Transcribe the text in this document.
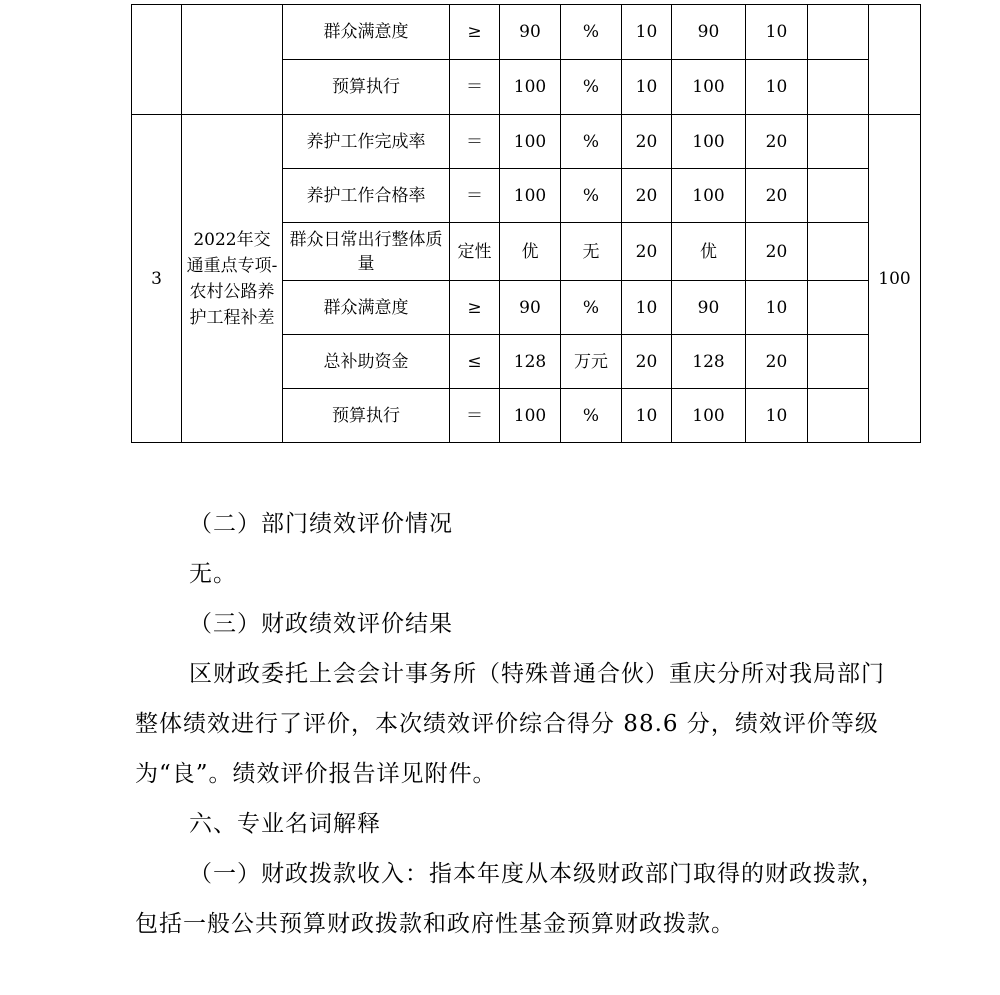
		群众满意度	≥	90	%	10	90	10		
		预算执行	＝	100	%	10	100	10		
3	2022年交通重点专项-农村公路养护工程补差	养护工作完成率	＝	100	%	20	100	20		100
		养护工作合格率	＝	100	%	20	100	20		
		群众日常出行整体质量	定性	优	无	20	优	20		
		群众满意度	≥	90	%	10	90	10		
		总补助资金	≤	128	万元	20	128	20		
		预算执行	＝	100	%	10	100	10		

（二）部门绩效评价情况

无。

（三）财政绩效评价结果

区财政委托上会会计事务所（特殊普通合伙）重庆分所对我局部门整体绩效进行了评价，本次绩效评价综合得分 88.6 分，绩效评价等级为“良”。绩效评价报告详见附件。

六、专业名词解释

（一）财政拨款收入：指本年度从本级财政部门取得的财政拨款，包括一般公共预算财政拨款和政府性基金预算财政拨款。
